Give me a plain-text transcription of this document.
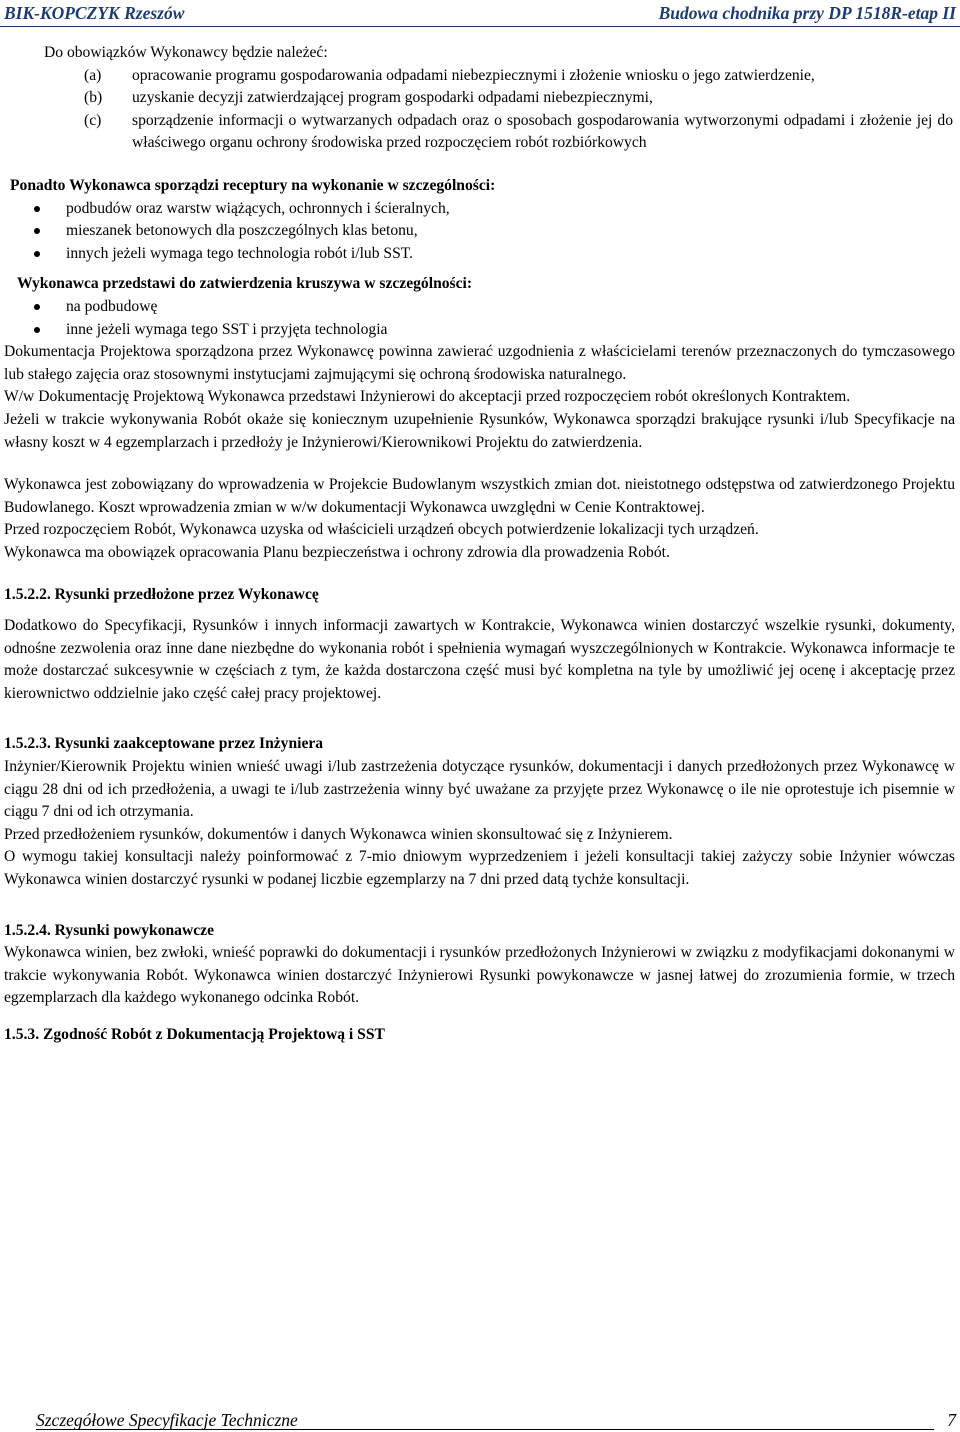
BIK-KOPCZYK Rzeszów	Budowa chodnika przy DP 1518R-etap II

Do obowiązków Wykonawcy będzie należeć:

(a) opracowanie programu gospodarowania odpadami niebezpiecznymi i złożenie wniosku o jego zatwierdzenie,
(b) uzyskanie decyzji zatwierdzającej program gospodarki odpadami niebezpiecznymi,
(c) sporządzenie informacji o wytwarzanych odpadach oraz o sposobach gospodarowania wytworzonymi odpadami i złożenie jej do właściwego organu ochrony środowiska przed rozpoczęciem robót rozbiórkowych

Ponadto Wykonawca sporządzi receptury na wykonanie w szczególności:

podbudów oraz warstw wiążących, ochronnych i ścieralnych,
mieszanek betonowych dla poszczególnych klas betonu,
innych jeżeli wymaga tego technologia robót i/lub SST.

Wykonawca przedstawi do zatwierdzenia kruszywa w szczególności:

na podbudowę
inne jeżeli wymaga tego SST i przyjęta technologia

Dokumentacja Projektowa sporządzona przez Wykonawcę powinna zawierać uzgodnienia z właścicielami terenów przeznaczonych do tymczasowego lub stałego zajęcia oraz stosownymi instytucjami zajmującymi się ochroną środowiska naturalnego.

W/w Dokumentację Projektową Wykonawca przedstawi Inżynierowi do akceptacji przed rozpoczęciem robót określonych Kontraktem.

Jeżeli w trakcie wykonywania Robót okaże się koniecznym uzupełnienie Rysunków, Wykonawca sporządzi brakujące rysunki i/lub Specyfikacje na własny koszt w 4 egzemplarzach i przedłoży je Inżynierowi/Kierownikowi Projektu do zatwierdzenia.

Wykonawca jest zobowiązany do wprowadzenia w Projekcie Budowlanym wszystkich zmian dot. nieistotnego odstępstwa od zatwierdzonego Projektu Budowlanego. Koszt wprowadzenia zmian w w/w dokumentacji Wykonawca uwzględni w Cenie Kontraktowej.

Przed rozpoczęciem Robót, Wykonawca uzyska od właścicieli urządzeń obcych potwierdzenie lokalizacji tych urządzeń.

Wykonawca ma obowiązek opracowania Planu bezpieczeństwa i ochrony zdrowia dla prowadzenia Robót.

1.5.2.2. Rysunki przedłożone przez Wykonawcę

Dodatkowo do Specyfikacji, Rysunków i innych informacji zawartych w Kontrakcie, Wykonawca winien dostarczyć wszelkie rysunki, dokumenty, odnośne zezwolenia oraz inne dane niezbędne do wykonania robót i spełnienia wymagań wyszczególnionych w Kontrakcie. Wykonawca informacje te może dostarczać sukcesywnie w częściach z tym, że każda dostarczona część musi być kompletna na tyle by umożliwić jej ocenę i akceptację przez kierownictwo oddzielnie jako część całej pracy projektowej.

1.5.2.3. Rysunki zaakceptowane przez Inżyniera

Inżynier/Kierownik Projektu winien wnieść uwagi i/lub zastrzeżenia dotyczące rysunków, dokumentacji i danych przedłożonych przez Wykonawcę w ciągu 28 dni od ich przedłożenia, a uwagi te i/lub zastrzeżenia winny być uważane za przyjęte przez Wykonawcę o ile nie oprotestuje ich pisemnie w ciągu 7 dni od ich otrzymania.

Przed przedłożeniem rysunków, dokumentów i danych Wykonawca winien skonsultować się z Inżynierem.

O wymogu takiej konsultacji należy poinformować z 7-mio dniowym wyprzedzeniem i jeżeli konsultacji takiej zażyczy sobie Inżynier wówczas Wykonawca winien dostarczyć rysunki w podanej liczbie egzemplarzy na 7 dni przed datą tychże konsultacji.

1.5.2.4. Rysunki powykonawcze

Wykonawca winien, bez zwłoki, wnieść poprawki do dokumentacji i rysunków przedłożonych Inżynierowi w związku z modyfikacjami dokonanymi w trakcie wykonywania Robót. Wykonawca winien dostarczyć Inżynierowi Rysunki powykonawcze w jasnej łatwej do zrozumienia formie, w trzech egzemplarzach dla każdego wykonanego odcinka Robót.

1.5.3. Zgodność Robót z Dokumentacją Projektową i SST

Szczegółowe Specyfikacje Techniczne	7
